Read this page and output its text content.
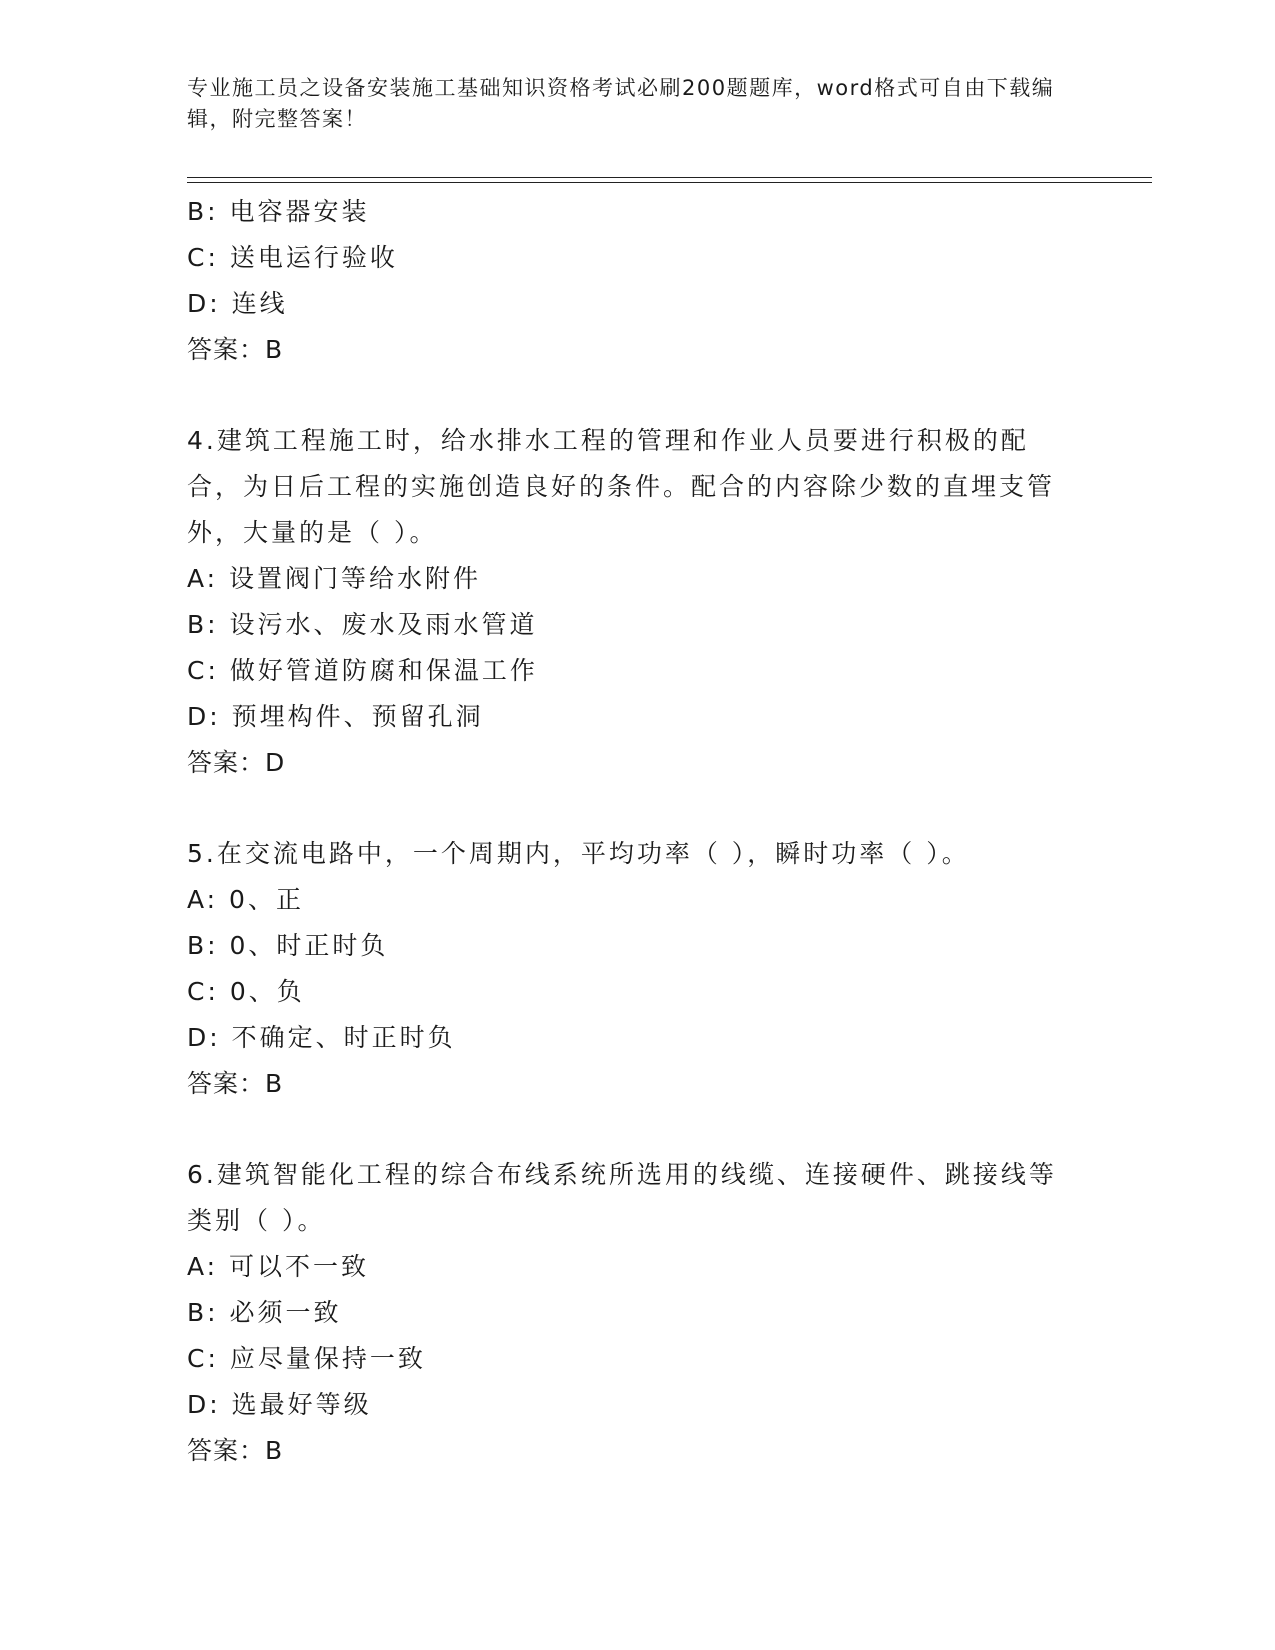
专业施工员之设备安装施工基础知识资格考试必刷200题题库，word格式可自由下载编辑，附完整答案！
B: 电容器安装
C: 送电运行验收
D: 连线
答案：B
4.建筑工程施工时，给水排水工程的管理和作业人员要进行积极的配合，为日后工程的实施创造良好的条件。配合的内容除少数的直埋支管外，大量的是（ ）。
A: 设置阀门等给水附件
B: 设污水、废水及雨水管道
C: 做好管道防腐和保温工作
D: 预埋构件、预留孔洞
答案：D
5.在交流电路中，一个周期内，平均功率（ ），瞬时功率（ ）。
A: 0、正
B: 0、时正时负
C: 0、负
D: 不确定、时正时负
答案：B
6.建筑智能化工程的综合布线系统所选用的线缆、连接硬件、跳接线等类别（ ）。
A: 可以不一致
B: 必须一致
C: 应尽量保持一致
D: 选最好等级
答案：B
